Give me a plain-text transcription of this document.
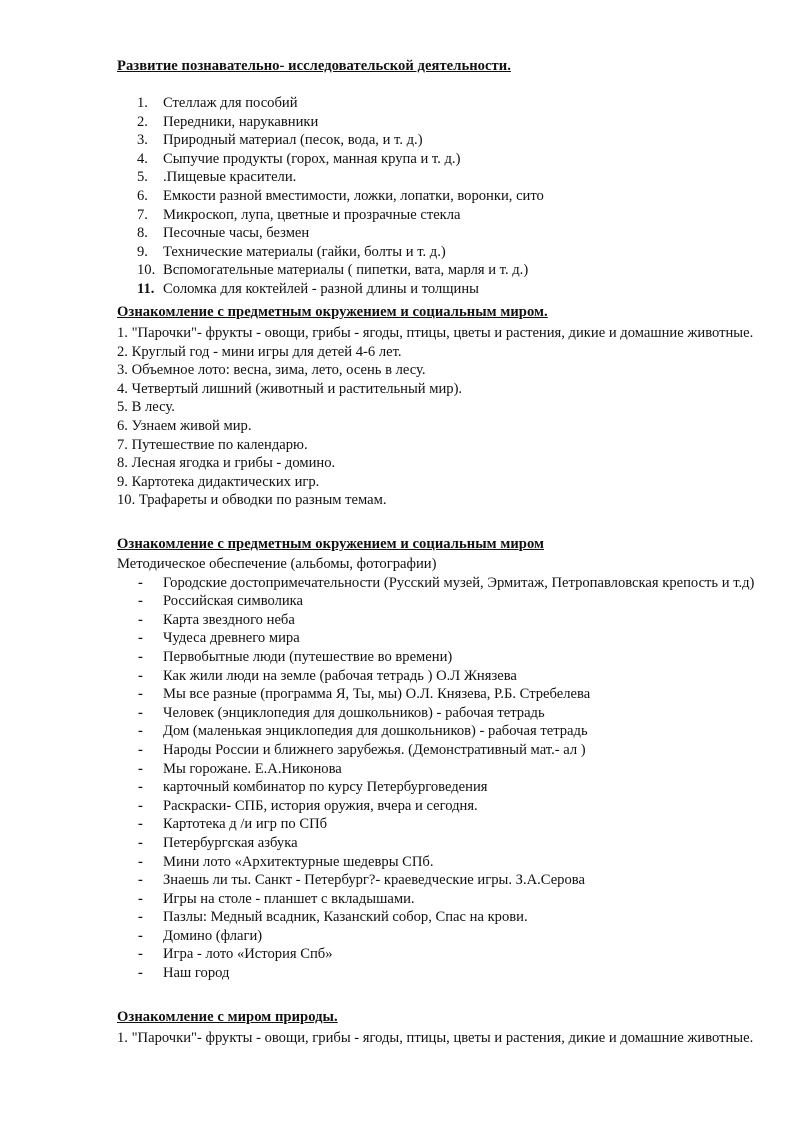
Развитие познавательно- исследовательской деятельности.
1.	Стеллаж для пособий
2.	Передники, нарукавники
3.	Природный материал (песок, вода, и т. д.)
4.	Сыпучие продукты (горох, манная крупа и т. д.)
5.	.Пищевые красители.
6.	Емкости разной вместимости, ложки, лопатки, воронки, сито
7.	Микроскоп, лупа, цветные и прозрачные стекла
8.	Песочные часы, безмен
9.	Технические материалы (гайки, болты и т. д.)
10. Вспомогательные материалы ( пипетки, вата, марля и т. д.)
11. Соломка для коктейлей - разной длины и толщины
Ознакомление с предметным окружением и социальным миром.
1. "Парочки"- фрукты - овощи, грибы - ягоды, птицы, цветы и растения, дикие и домашние животные.
2. Круглый год - мини игры для детей 4-6 лет.
3. Объемное лото: весна, зима, лето, осень в лесу.
4. Четвертый лишний (животный и растительный мир).
5. В лесу.
6. Узнаем живой мир.
7. Путешествие по календарю.
8. Лесная ягодка и грибы - домино.
9. Картотека дидактических игр.
10. Трафареты и обводки по разным темам.
Ознакомление с предметным окружением и социальным миром

Методическое обеспечение (альбомы, фотографии)

- Городские достопримечательности (Русский музей, Эрмитаж, Петропавловская крепость и т.д)
- Российская символика
- Карта звездного неба
- Чудеса древнего мира
- Первобытные люди (путешествие во времени)
- Как жили люди на земле (рабочая тетрадь ) О.Л Жнязева
- Мы все разные (программа Я, Ты, мы) О.Л. Князева, Р.Б. Стребелева
- Человек (энциклопедия для дошкольников) - рабочая тетрадь
- Дом (маленькая энциклопедия для дошкольников) - рабочая тетрадь
- Народы России и ближнего зарубежья. (Демонстративный мат.- ал )
- Мы горожане. Е.А.Никонова
- карточный комбинатор по курсу Петербурговедения
- Раскраски- СПБ, история оружия, вчера и сегодня.
- Картотека д /и игр по СПб
- Петербургская азбука
- Мини лото «Архитектурные шедевры СПб.
- Знаешь ли ты. Санкт - Петербург?- краеведческие игры. З.А.Серова
- Игры на столе - планшет с вкладышами.
- Пазлы: Медный всадник, Казанский собор, Спас на крови.
- Домино (флаги)
- Игра - лото «История Спб»
- Наш город
Ознакомление с миром природы.

1. "Парочки"- фрукты - овощи, грибы - ягоды, птицы, цветы и растения, дикие и домашние животные.
